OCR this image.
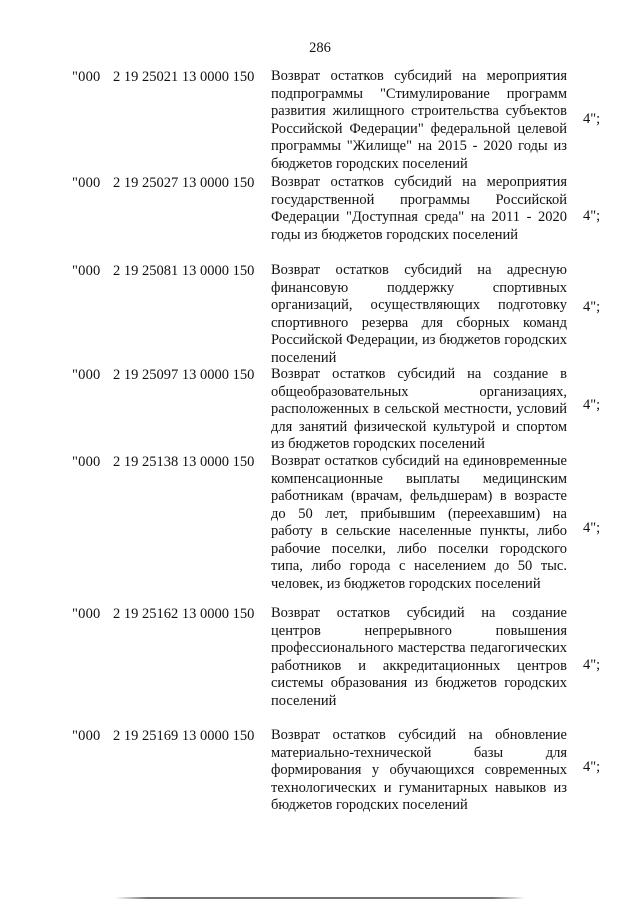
286
"000 2 19 25021 13 0000 150 Возврат остатков субсидий на мероприятия подпрограммы "Стимулирование программ развития жилищного строительства субъектов Российской Федерации" федеральной целевой программы "Жилище" на 2015 - 2020 годы из бюджетов городских поселений
4";
"000 2 19 25027 13 0000 150 Возврат остатков субсидий на мероприятия государственной программы Российской Федерации "Доступная среда" на 2011 - 2020 годы из бюджетов городских поселений
4";
"000 2 19 25081 13 0000 150 Возврат остатков субсидий на адресную финансовую поддержку спортивных организаций, осуществляющих подготовку спортивного резерва для сборных команд Российской Федерации, из бюджетов городских поселений
4";
"000 2 19 25097 13 0000 150 Возврат остатков субсидий на создание в общеобразовательных организациях, расположенных в сельской местности, условий для занятий физической культурой и спортом из бюджетов городских поселений
4";
"000 2 19 25138 13 0000 150 Возврат остатков субсидий на единовременные компенсационные выплаты медицинским работникам (врачам, фельдшерам) в возрасте до 50 лет, прибывшим (переехавшим) на работу в сельские населенные пункты, либо рабочие поселки, либо поселки городского типа, либо города с населением до 50 тыс. человек, из бюджетов городских поселений
4";
"000 2 19 25162 13 0000 150 Возврат остатков субсидий на создание центров непрерывного повышения профессионального мастерства педагогических работников и аккредитационных центров системы образования из бюджетов городских поселений
4";
"000 2 19 25169 13 0000 150 Возврат остатков субсидий на обновление материально-технической базы для формирования у обучающихся современных технологических и гуманитарных навыков из бюджетов городских поселений
4";
